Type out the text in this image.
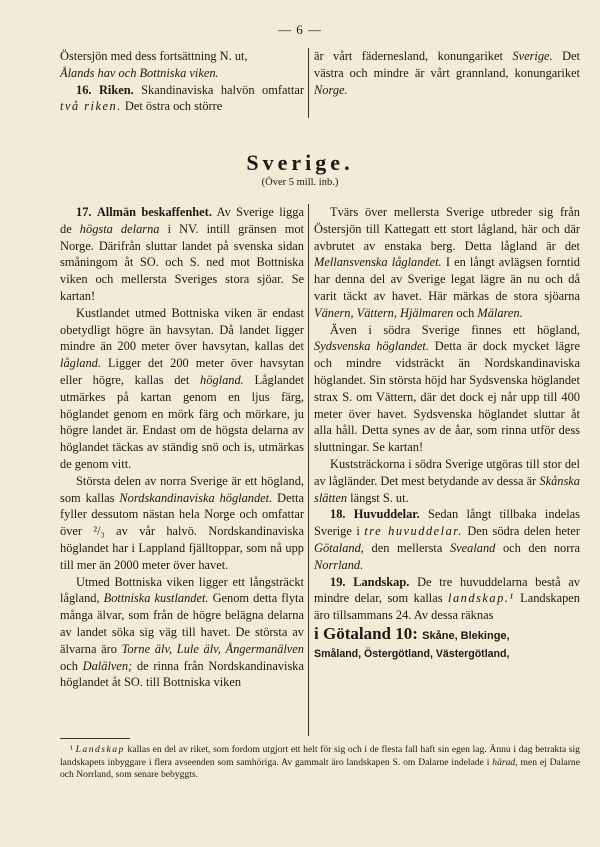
— 6 —

Östersjön med dess fortsättning N. ut,
Ålands hav och Bottniska viken.

16. Riken. Skandinaviska halvön omfattar två riken. Det östra och större

är vårt fädernesland, konungariket Sverige. Det västra och mindre är vårt grannland, konungariket Norge.

Sverige.
(Över 5 mill. inb.)

17. Allmän beskaffenhet. Av Sverige ligga de högsta delarna i NV. intill gränsen mot Norge. Därifrån sluttar landet på svenska sidan småningom åt SO. och S. ned mot Bottniska viken och mellersta Sveriges stora sjöar. Se kartan!

Kustlandet utmed Bottniska viken är endast obetydligt högre än havsytan. Då landet ligger mindre än 200 meter över havsytan, kallas det lågland. Ligger det 200 meter över havsytan eller högre, kallas det högland. Låglandet utmärkes på kartan genom en ljus färg, höglandet genom en mörk färg och mörkare, ju högre landet är. Endast om de högsta delarna av höglandet täckas av ständig snö och is, utmärkas de genom vitt.

Största delen av norra Sverige är ett högland, som kallas Nordskandinaviska höglandet. Detta fyller dessutom nästan hela Norge och omfattar över ²/₃ av vår halvö. Nordskandinaviska höglandet har i Lappland fjälltoppar, som nå upp till mer än 2000 meter över havet.

Utmed Bottniska viken ligger ett långsträckt lågland, Bottniska kustlandet. Genom detta flyta många älvar, som från de högre belägna delarna av landet söka sig väg till havet. De största av älvarna äro Torne älv, Lule älv, Ångermanälven och Dalälven; de rinna från Nordskandinaviska höglandet åt SO. till Bottniska viken

Tvärs över mellersta Sverige utbreder sig från Östersjön till Kattegatt ett stort lågland, här och där avbrutet av enstaka berg. Detta lågland är det Mellansvenska låglandet. I en långt avlägsen forntid har denna del av Sverige legat lägre än nu och då varit täckt av havet. Här märkas de stora sjöarna Vänern, Vättern, Hjälmaren och Mälaren.

Även i södra Sverige finnes ett högland, Sydsvenska höglandet. Detta är dock mycket lägre och mindre vidsträckt än Nordskandinaviska höglandet. Sin största höjd har Sydsvenska höglandet strax S. om Vättern, där det dock ej når upp till 400 meter över havet. Sydsvenska höglandet sluttar åt alla håll. Detta synes av de åar, som rinna utför dess sluttningar. Se kartan!

Kuststräckorna i södra Sverige utgöras till stor del av lågländer. Det mest betydande av dessa är Skånska slätten längst S. ut.

18. Huvuddelar. Sedan långt tillbaka indelas Sverige i tre huvuddelar. Den södra delen heter Götaland, den mellersta Svealand och den norra Norrland.

19. Landskap. De tre huvuddelarna bestå av mindre delar, som kallas landskap.¹ Landskapen äro tillsammans 24. Av dessa räknas

i Götaland 10: Skåne, Blekinge,

Småland, Östergötland, Västergötland,

¹ Landskap kallas en del av riket, som fordom utgjort ett helt för sig och i de flesta fall haft sin egen lag. Ännu i dag betrakta sig landskapets inbyggare i flera avseenden som samhöriga. Av gammalt äro landskapen S. om Dalarne indelade i härad, men ej Dalarne och Norrland, som senare bebyggts.
